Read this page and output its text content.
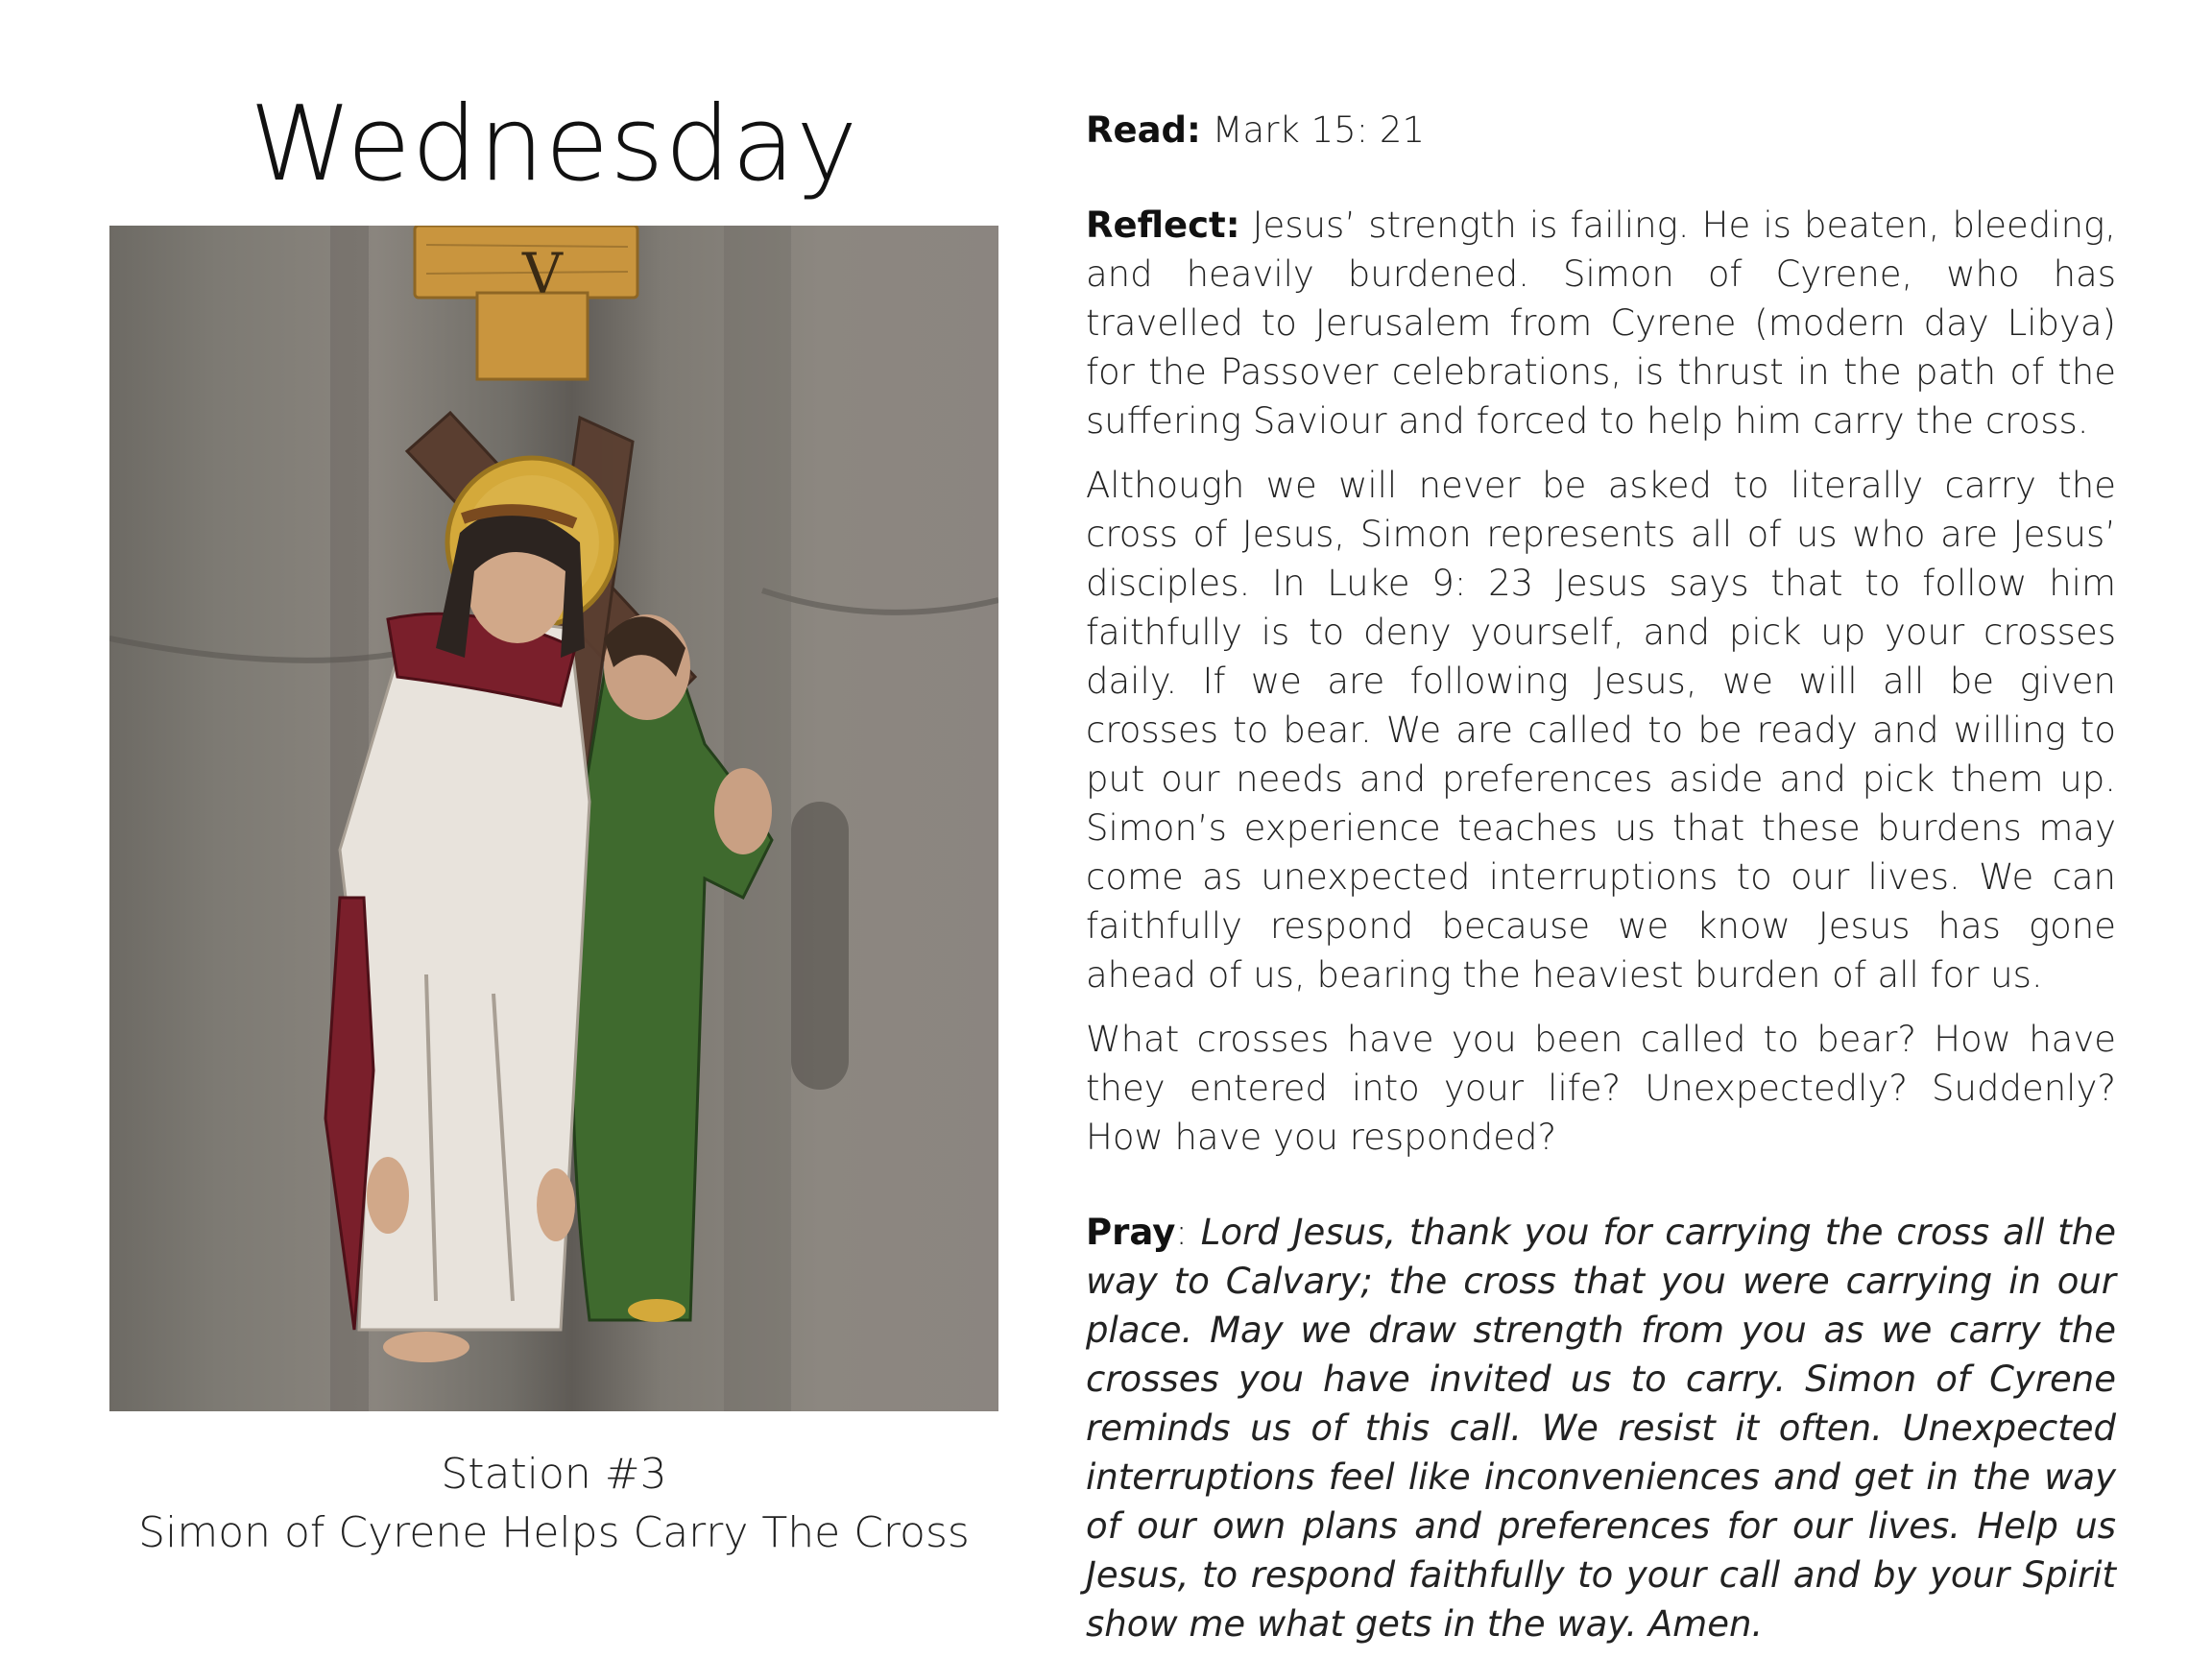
Wednesday
V
Station #3
Simon of Cyrene Helps Carry The Cross

Read: Mark 15: 21

Reflect: Jesus’ strength is failing. He is beaten, bleeding, and heavily burdened. Simon of Cyrene, who has travelled to Jerusalem from Cyrene (modern day Libya) for the Passover celebrations, is thrust in the path of the suffering Saviour and forced to help him carry the cross.

Although we will never be asked to literally carry the cross of Jesus, Simon represents all of us who are Jesus’ disciples. In Luke 9: 23 Jesus says that to follow him faithfully is to deny yourself, and pick up your crosses daily. If we are following Jesus, we will all be given crosses to bear. We are called to be ready and willing to put our needs and preferences aside and pick them up. Simon’s experience teaches us that these burdens may come as unexpected interruptions to our lives. We can faithfully respond because we know Jesus has gone ahead of us, bearing the heaviest burden of all for us.

What crosses have you been called to bear? How have they entered into your life? Unexpectedly? Suddenly? How have you responded?

Pray: Lord Jesus, thank you for carrying the cross all the way to Calvary; the cross that you were carrying in our place. May we draw strength from you as we carry the crosses you have invited us to carry. Simon of Cyrene reminds us of this call. We resist it often. Unexpected interruptions feel like inconveniences and get in the way of our own plans and preferences for our lives. Help us Jesus, to respond faithfully to your call and by your Spirit show me what gets in the way. Amen.
